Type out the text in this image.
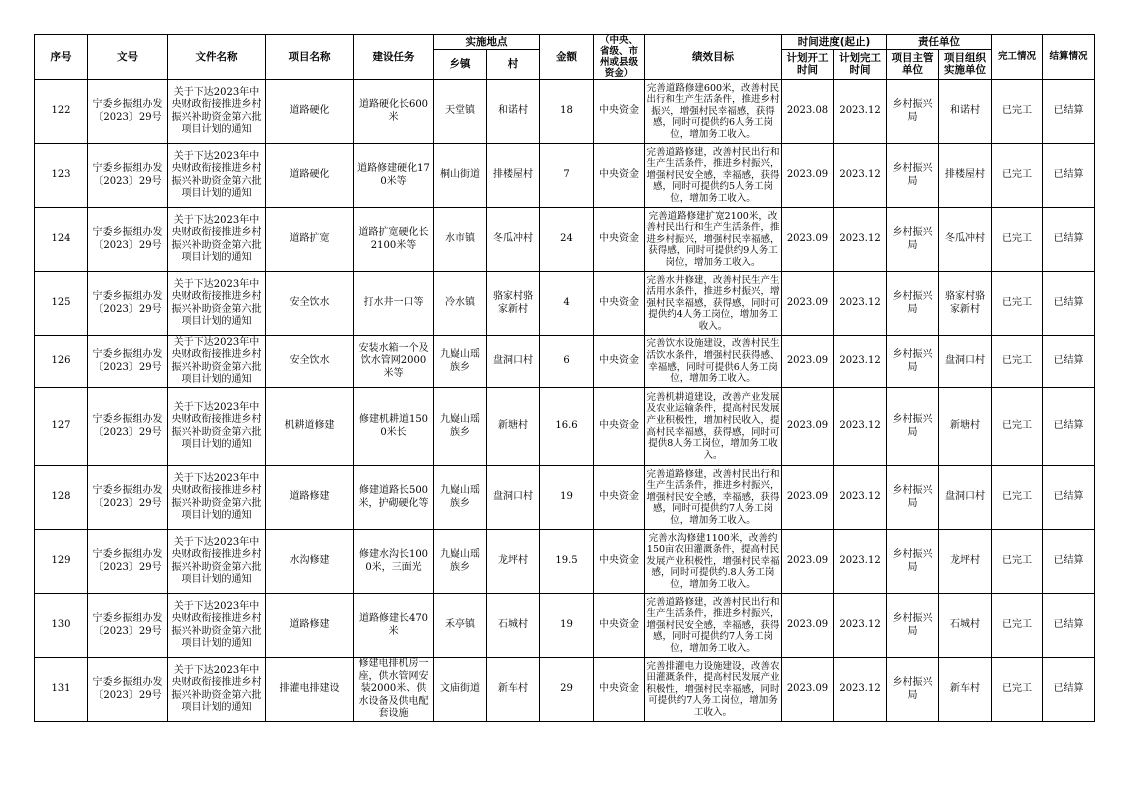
序号	文号	文件名称	项目名称	建设任务	实施地点		金额	（中央、省级、市州或县级资金）	绩效目标	时间进度(起止)		责任单位		完工情况	结算情况
					乡镇	村				计划开工时间	计划完工时间	项目主管单位	项目组织实施单位		
122	宁委乡振组办发〔2023〕29号	关于下达2023年中央财政衔接推进乡村振兴补助资金第六批项目计划的通知	道路硬化	道路硬化长600米	天堂镇	和诺村	18	中央资金	完善道路修建600米，改善村民出行和生产生活条件，推进乡村振兴，增强村民幸福感，获得感，同时可提供约6人务工岗位，增加务工收入。	2023.08	2023.12	乡村振兴局	和诺村	已完工	已结算
123	宁委乡振组办发〔2023〕29号	关于下达2023年中央财政衔接推进乡村振兴补助资金第六批项目计划的通知	道路硬化	道路修建硬化170米等	桐山街道	排楼屋村	7	中央资金	完善道路修建，改善村民出行和生产生活条件，推进乡村振兴，增强村民安全感，幸福感，获得感，同时可提供约5人务工岗位，增加务工收入。	2023.09	2023.12	乡村振兴局	排楼屋村	已完工	已结算
124	宁委乡振组办发〔2023〕29号	关于下达2023年中央财政衔接推进乡村振兴补助资金第六批项目计划的通知	道路扩宽	道路扩宽硬化长2100米等	水市镇	冬瓜冲村	24	中央资金	完善道路修建扩宽2100米，改善村民出行和生产生活条件，推进乡村振兴，增强村民幸福感，获得感，同时可提供约9人务工岗位，增加务工收入。	2023.09	2023.12	乡村振兴局	冬瓜冲村	已完工	已结算
125	宁委乡振组办发〔2023〕29号	关于下达2023年中央财政衔接推进乡村振兴补助资金第六批项目计划的通知	安全饮水	打水井一口等	冷水镇	骆家村骆家新村	4	中央资金	完善水井修建，改善村民生产生活用水条件，推进乡村振兴，增强村民幸福感，获得感，同时可提供约4人务工岗位，增加务工收入。	2023.09	2023.12	乡村振兴局	骆家村骆家新村	已完工	已结算
126	宁委乡振组办发〔2023〕29号	关于下达2023年中央财政衔接推进乡村振兴补助资金第六批项目计划的通知	安全饮水	安装水箱一个及饮水管网2000米等	九嶷山瑶族乡	盘洞口村	6	中央资金	完善饮水设施建设，改善村民生活饮水条件，增强村民获得感、幸福感，同时可提供6人务工岗位，增加务工收入。	2023.09	2023.12	乡村振兴局	盘洞口村	已完工	已结算
127	宁委乡振组办发〔2023〕29号	关于下达2023年中央财政衔接推进乡村振兴补助资金第六批项目计划的通知	机耕道修建	修建机耕道1500米长	九嶷山瑶族乡	新塘村	16.6	中央资金	完善机耕道建设，改善产业发展及农业运输条件，提高村民发展产业积极性，增加村民收入，提高村民幸福感，获得感，同时可提供8人务工岗位，增加务工收入。	2023.09	2023.12	乡村振兴局	新塘村	已完工	已结算
128	宁委乡振组办发〔2023〕29号	关于下达2023年中央财政衔接推进乡村振兴补助资金第六批项目计划的通知	道路修建	修建道路长500米，护砌硬化等	九嶷山瑶族乡	盘洞口村	19	中央资金	完善道路修建，改善村民出行和生产生活条件，推进乡村振兴，增强村民安全感，幸福感，获得感，同时可提供约7人务工岗位，增加务工收入。	2023.09	2023.12	乡村振兴局	盘洞口村	已完工	已结算
129	宁委乡振组办发〔2023〕29号	关于下达2023年中央财政衔接推进乡村振兴补助资金第六批项目计划的通知	水沟修建	修建水沟长1000米，三面光	九嶷山瑶族乡	龙坪村	19.5	中央资金	完善水沟修建1100米，改善约150亩农田灌溉条件，提高村民发展产业积极性，增强村民幸福感，同时可提供约.8人务工岗位，增加务工收入。	2023.09	2023.12	乡村振兴局	龙坪村	已完工	已结算
130	宁委乡振组办发〔2023〕29号	关于下达2023年中央财政衔接推进乡村振兴补助资金第六批项目计划的通知	道路修建	道路修建长470米	禾亭镇	石城村	19	中央资金	完善道路修建，改善村民出行和生产生活条件，推进乡村振兴，增强村民安全感，幸福感，获得感，同时可提供约7人务工岗位，增加务工收入。	2023.09	2023.12	乡村振兴局	石城村	已完工	已结算
131	宁委乡振组办发〔2023〕29号	关于下达2023年中央财政衔接推进乡村振兴补助资金第六批项目计划的通知	排灌电排建设	修建电排机房一座，供水管网安装2000米、供水设备及供电配套设施	文庙街道	新车村	29	中央资金	完善排灌电力设施建设，改善农田灌溉条件，提高村民发展产业积极性，增强村民幸福感，同时可提供约7人务工岗位，增加务工收入。	2023.09	2023.12	乡村振兴局	新车村	已完工	已结算
